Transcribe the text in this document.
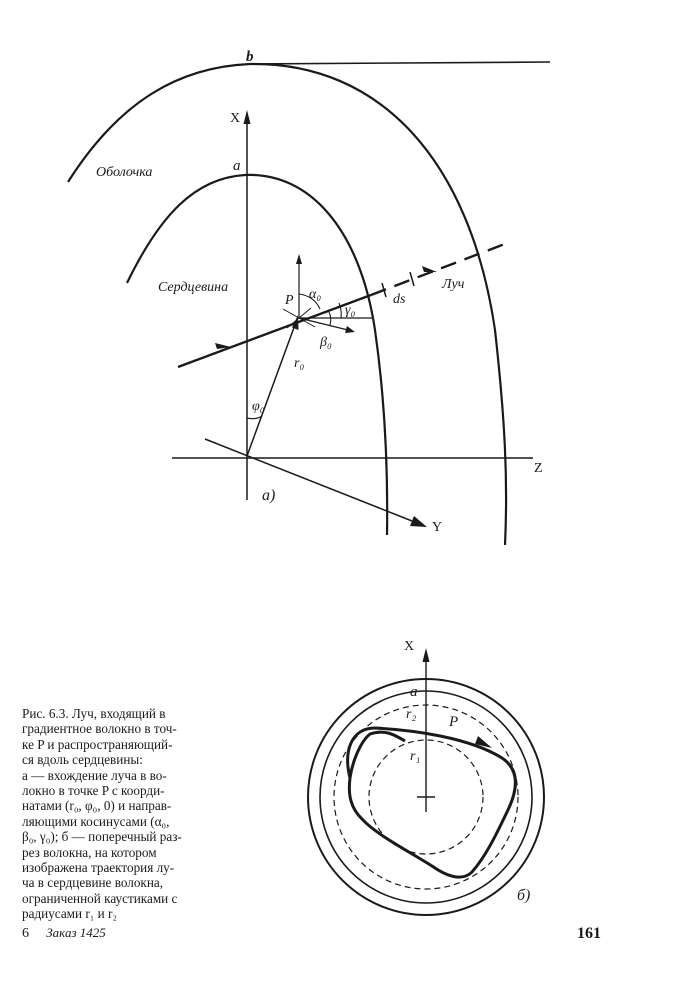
b
a
X
Z
Y
Оболочка
Сердцевина	Луч
P	ds
α₀
γ₀
β₀
r₀
φ₀
а)
X
a
r₂
r₁
P
б)

Рис. 6.3. Луч, входящий в
градиентное волокно в точ-
ке P и распространяющий-
ся вдоль сердцевины:
а — вхождение луча в во-
локно в точке P с коорди-
натами (r₀, φ₀, 0) и направ-
ляющими косинусами (α₀,
β₀, γ₀); б — поперечный раз-
рез волокна, на котором
изображена траектория лу-
ча в сердцевине волокна,
ограниченной каустиками с
радиусами r₁ и r₂

6 Заказ 1425	161
